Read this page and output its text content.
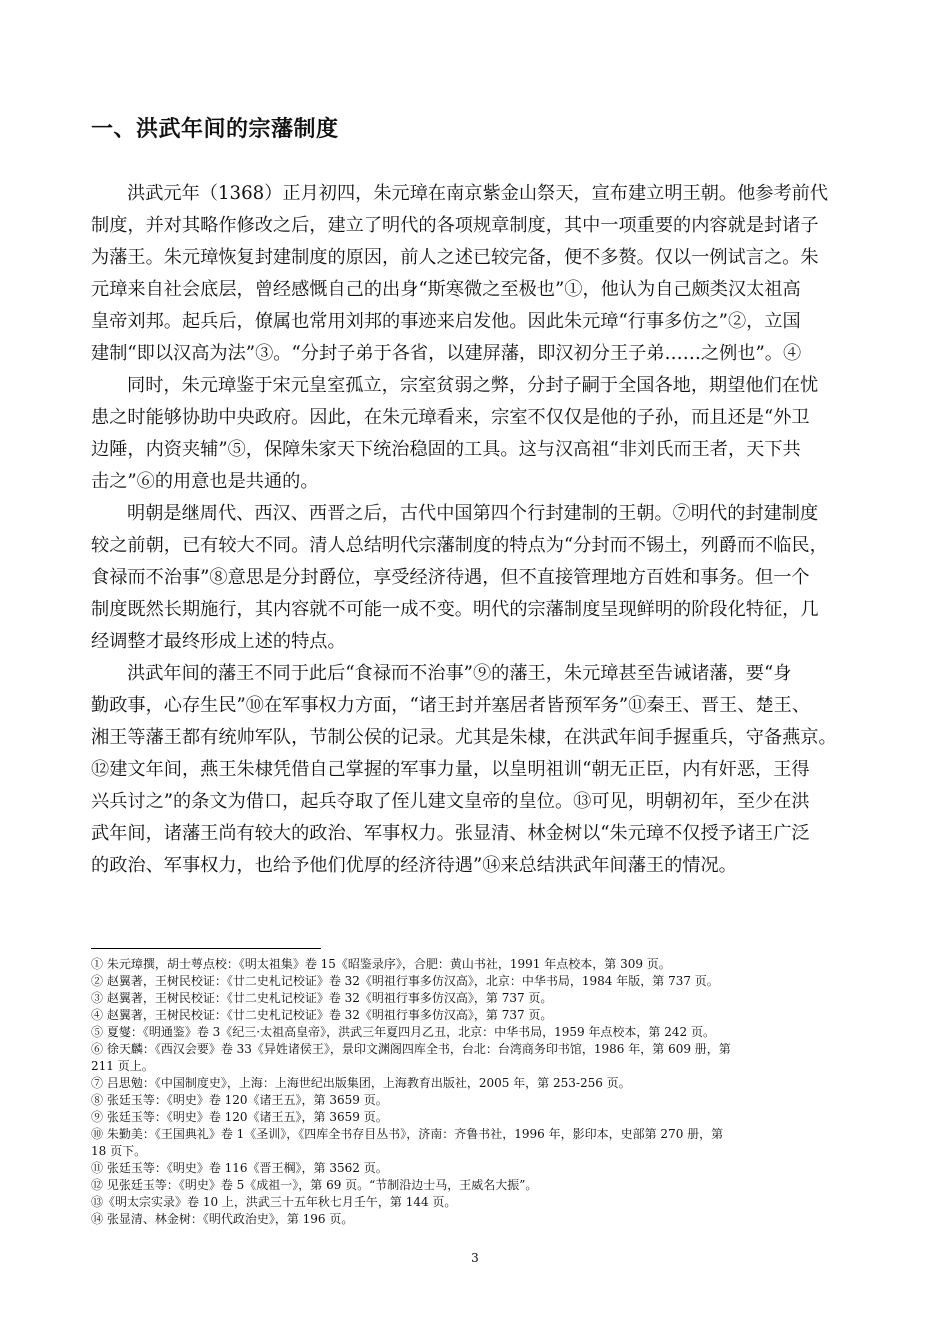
一、洪武年间的宗藩制度
洪武元年（1368）正月初四，朱元璋在南京紫金山祭天，宣布建立明王朝。他参考前代
制度，并对其略作修改之后，建立了明代的各项规章制度，其中一项重要的内容就是封诸子
为藩王。朱元璋恢复封建制度的原因，前人之述已较完备，便不多赘。仅以一例试言之。朱
元璋来自社会底层，曾经感慨自己的出身“斯寒微之至极也”①，他认为自己颇类汉太祖高
皇帝刘邦。起兵后，僚属也常用刘邦的事迹来启发他。因此朱元璋“行事多仿之”②，立国
建制“即以汉高为法”③。“分封子弟于各省，以建屏藩，即汉初分王子弟……之例也”。④
同时，朱元璋鉴于宋元皇室孤立，宗室贫弱之弊，分封子嗣于全国各地，期望他们在忧
患之时能够协助中央政府。因此，在朱元璋看来，宗室不仅仅是他的子孙，而且还是“外卫
边陲，内资夹辅”⑤，保障朱家天下统治稳固的工具。这与汉高祖“非刘氏而王者，天下共
击之”⑥的用意也是共通的。
明朝是继周代、西汉、西晋之后，古代中国第四个行封建制的王朝。⑦明代的封建制度
较之前朝，已有较大不同。清人总结明代宗藩制度的特点为“分封而不锡土，列爵而不临民，
食禄而不治事”⑧意思是分封爵位，享受经济待遇，但不直接管理地方百姓和事务。但一个
制度既然长期施行，其内容就不可能一成不变。明代的宗藩制度呈现鲜明的阶段化特征，几
经调整才最终形成上述的特点。
洪武年间的藩王不同于此后“食禄而不治事”⑨的藩王，朱元璋甚至告诫诸藩，要“身
勤政事，心存生民”⑩在军事权力方面，“诸王封并塞居者皆预军务”⑪秦王、晋王、楚王、
湘王等藩王都有统帅军队，节制公侯的记录。尤其是朱棣，在洪武年间手握重兵，守备燕京。
⑫建文年间，燕王朱棣凭借自己掌握的军事力量，以皇明祖训“朝无正臣，内有奸恶，王得
兴兵讨之”的条文为借口，起兵夺取了侄儿建文皇帝的皇位。⑬可见，明朝初年，至少在洪
武年间，诸藩王尚有较大的政治、军事权力。张显清、林金树以“朱元璋不仅授予诸王广泛
的政治、军事权力，也给予他们优厚的经济待遇”⑭来总结洪武年间藩王的情况。
① 朱元璋撰，胡士萼点校：《明太祖集》卷 15《昭鉴录序》，合肥：黄山书社，1991 年点校本，第 309 页。
② 赵翼著，王树民校证：《廿二史札记校证》卷 32《明祖行事多仿汉高》，北京：中华书局，1984 年版，第 737 页。
③ 赵翼著，王树民校证：《廿二史札记校证》卷 32《明祖行事多仿汉高》，第 737 页。
④ 赵翼著，王树民校证：《廿二史札记校证》卷 32《明祖行事多仿汉高》，第 737 页。
⑤ 夏燮：《明通鉴》卷 3《纪三·太祖高皇帝》，洪武三年夏四月乙丑，北京：中华书局，1959 年点校本，第 242 页。
⑥ 徐天麟：《西汉会要》卷 33《异姓诸侯王》，景印文渊阁四库全书，台北：台湾商务印书馆，1986 年，第 609 册，第
211 页上。
⑦ 吕思勉：《中国制度史》，上海：上海世纪出版集团，上海教育出版社，2005 年，第 253-256 页。
⑧ 张廷玉等：《明史》卷 120《诸王五》，第 3659 页。
⑨ 张廷玉等：《明史》卷 120《诸王五》，第 3659 页。
⑩ 朱勤美：《王国典礼》卷 1《圣训》，《四库全书存目丛书》，济南：齐鲁书社，1996 年，影印本，史部第 270 册，第
18 页下。
⑪ 张廷玉等：《明史》卷 116《晋王棡》，第 3562 页。
⑫ 见张廷玉等：《明史》卷 5《成祖一》，第 69 页。“节制沿边士马，王威名大振”。
⑬《明太宗实录》卷 10 上，洪武三十五年秋七月壬午，第 144 页。
⑭ 张显清、林金树：《明代政治史》，第 196 页。
3
